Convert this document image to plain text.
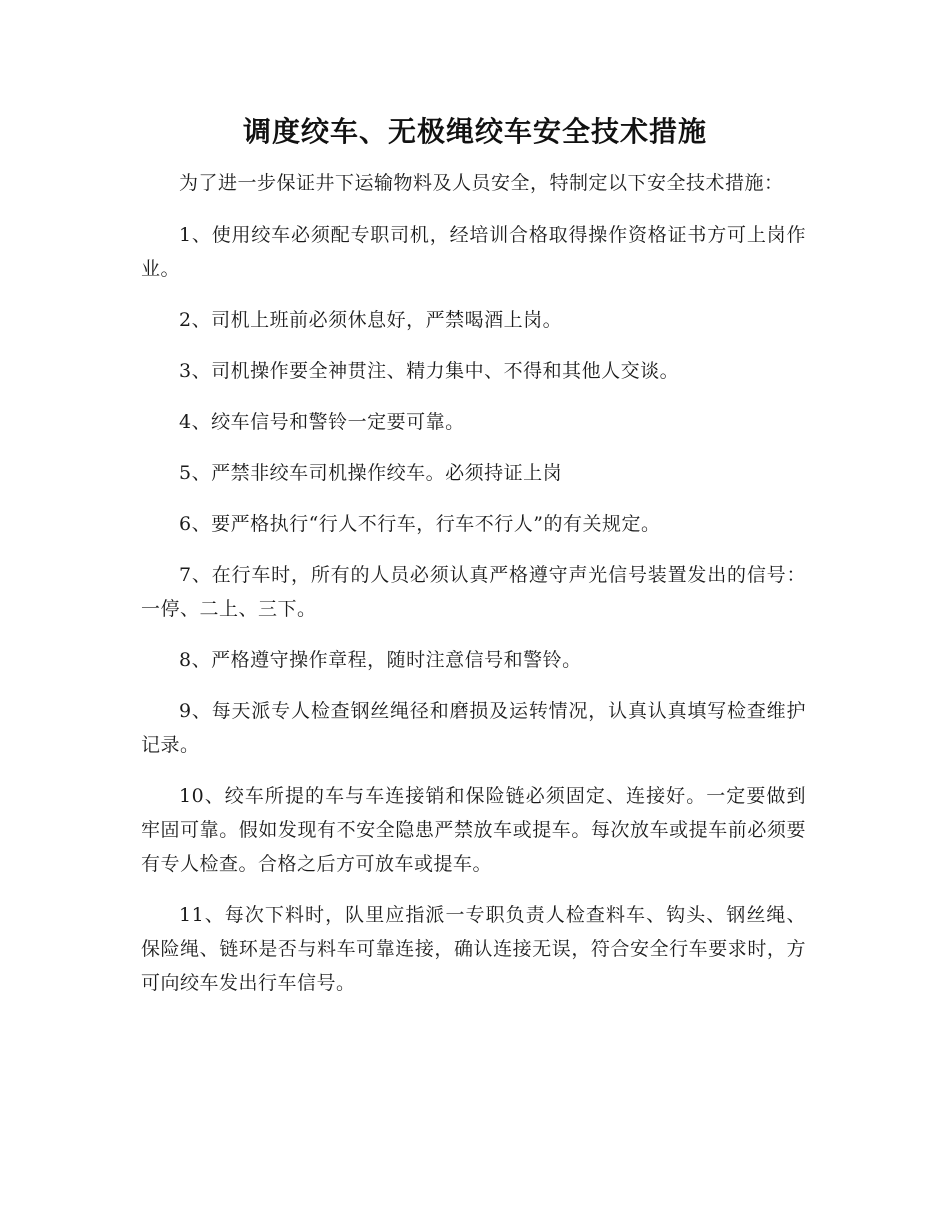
调度绞车、无极绳绞车安全技术措施

为了进一步保证井下运输物料及人员安全，特制定以下安全技术措施：

1、使用绞车必须配专职司机，经培训合格取得操作资格证书方可上岗作业。

2、司机上班前必须休息好，严禁喝酒上岗。

3、司机操作要全神贯注、精力集中、不得和其他人交谈。

4、绞车信号和警铃一定要可靠。

5、严禁非绞车司机操作绞车。必须持证上岗

6、要严格执行“行人不行车，行车不行人”的有关规定。

7、在行车时，所有的人员必须认真严格遵守声光信号装置发出的信号：一停、二上、三下。

8、严格遵守操作章程，随时注意信号和警铃。

9、每天派专人检查钢丝绳径和磨损及运转情况，认真认真填写检查维护记录。

10、绞车所提的车与车连接销和保险链必须固定、连接好。一定要做到牢固可靠。假如发现有不安全隐患严禁放车或提车。每次放车或提车前必须要有专人检查。合格之后方可放车或提车。

11、每次下料时，队里应指派一专职负责人检查料车、钩头、钢丝绳、保险绳、链环是否与料车可靠连接，确认连接无误，符合安全行车要求时，方可向绞车发出行车信号。
